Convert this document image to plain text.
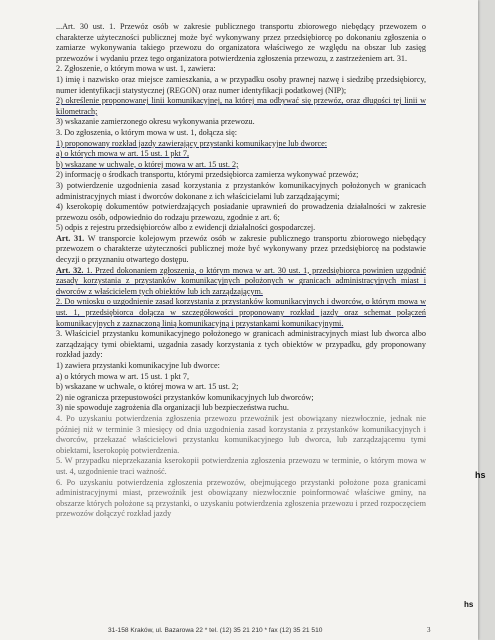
...Art. 30 ust. 1. Przewóz osób w zakresie publicznego transportu zbiorowego niebędący przewozem o charakterze użyteczności publicznej może być wykonywany przez przedsiębiorcę po dokonaniu zgłoszenia o zamiarze wykonywania takiego przewozu do organizatora właściwego ze względu na obszar lub zasięg przewozów i wydaniu przez tego organizatora potwierdzenia zgłoszenia przewozu, z zastrzeżeniem art. 31.

2. Zgłoszenie, o którym mowa w ust. 1, zawiera:

1) imię i nazwisko oraz miejsce zamieszkania, a w przypadku osoby prawnej nazwę i siedzibę przedsiębiorcy, numer identyfikacji statystycznej (REGON) oraz numer identyfikacji podatkowej (NIP);

2) określenie proponowanej linii komunikacyjnej, na której ma odbywać się przewóz, oraz długości tej linii w kilometrach;

3) wskazanie zamierzonego okresu wykonywania przewozu.

3. Do zgłoszenia, o którym mowa w ust. 1, dołącza się:

1) proponowany rozkład jazdy zawierający przystanki komunikacyjne lub dworce:

a) o których mowa w art. 15 ust. 1 pkt 7,

b) wskazane w uchwale, o której mowa w art. 15 ust. 2;

2) informację o środkach transportu, którymi przedsiębiorca zamierza wykonywać przewóz;

3) potwierdzenie uzgodnienia zasad korzystania z przystanków komunikacyjnych położonych w granicach administracyjnych miast i dworców dokonane z ich właścicielami lub zarządzającymi;

4) kserokopię dokumentów potwierdzających posiadanie uprawnień do prowadzenia działalności w zakresie przewozu osób, odpowiednio do rodzaju przewozu, zgodnie z art. 6;

5) odpis z rejestru przedsiębiorców albo z ewidencji działalności gospodarczej.

Art. 31. W transporcie kolejowym przewóz osób w zakresie publicznego transportu zbiorowego niebędący przewozem o charakterze użyteczności publicznej może być wykonywany przez przedsiębiorcę na podstawie decyzji o przyznaniu otwartego dostępu.

Art. 32. 1. Przed dokonaniem zgłoszenia, o którym mowa w art. 30 ust. 1, przedsiębiorca powinien uzgodnić zasady korzystania z przystanków komunikacyjnych położonych w granicach administracyjnych miast i dworców z właścicielem tych obiektów lub ich zarządzającym.

2. Do wniosku o uzgodnienie zasad korzystania z przystanków komunikacyjnych i dworców, o którym mowa w ust. 1, przedsiębiorca dołącza w szczegółowości proponowany rozkład jazdy oraz schemat połączeń komunikacyjnych z zaznaczoną linią komunikacyjną i przystankami komunikacyjnymi.

3. Właściciel przystanku komunikacyjnego położonego w granicach administracyjnych miast lub dworca albo zarządzający tymi obiektami, uzgadnia zasady korzystania z tych obiektów w przypadku, gdy proponowany rozkład jazdy:

1) zawiera przystanki komunikacyjne lub dworce:

a) o których mowa w art. 15 ust. 1 pkt 7,

b) wskazane w uchwale, o której mowa w art. 15 ust. 2;

2) nie ogranicza przepustowości przystanków komunikacyjnych lub dworców;

3) nie spowoduje zagrożenia dla organizacji lub bezpieczeństwa ruchu.

4. Po uzyskaniu potwierdzenia zgłoszenia przewozu przewoźnik jest obowiązany niezwłocznie, jednak nie później niż w terminie 3 miesięcy od dnia uzgodnienia zasad korzystania z przystanków komunikacyjnych i dworców, przekazać właścicielowi przystanku komunikacyjnego lub dworca, lub zarządzającemu tymi obiektami, kserokopię potwierdzenia.

5. W przypadku nieprzekazania kserokopii potwierdzenia zgłoszenia przewozu w terminie, o którym mowa w ust. 4, uzgodnienie traci ważność.

6. Po uzyskaniu potwierdzenia zgłoszenia przewozów, obejmującego przystanki położone poza granicami administracyjnymi miast, przewoźnik jest obowiązany niezwłocznie poinformować właściwe gminy, na obszarze których położone są przystanki, o uzyskaniu potwierdzenia zgłoszenia przewozu i przed rozpoczęciem przewozów dołączyć rozkład jazdy

31-158 Kraków, ul. Bazarowa 22 * tel. (12) 35 21 210 * fax (12) 35 21 510	3
hs
hs
